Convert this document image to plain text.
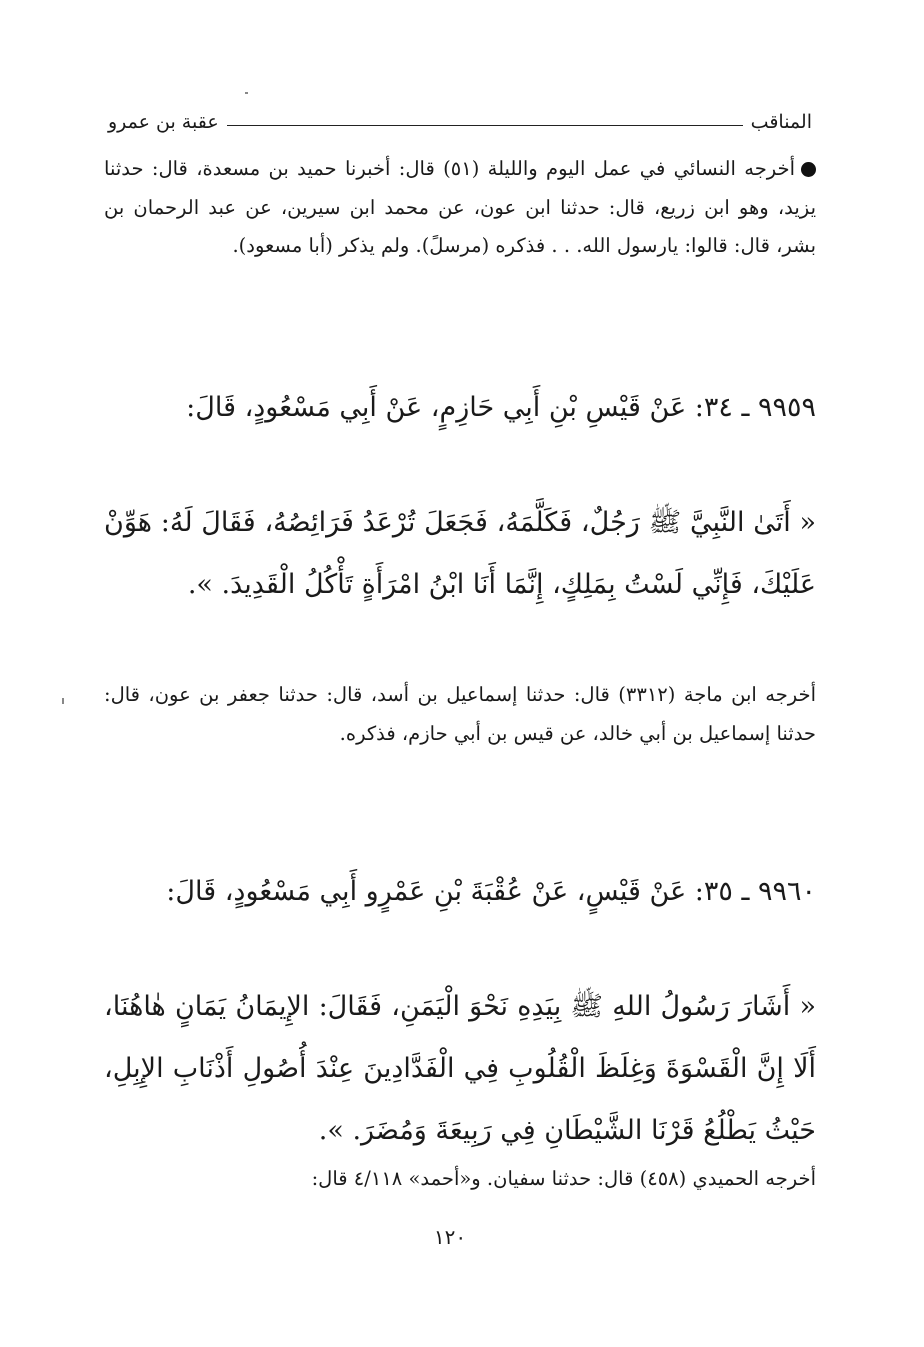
المناقب
عقبة بن عمرو
أخرجه النسائي في عمل اليوم والليلة (٥١) قال: أخبرنا حميد بن مسعدة، قال: حدثنا يزيد، وهو ابن زريع، قال: حدثنا ابن عون، عن محمد ابن سيرين، عن عبد الرحمان بن بشر، قال: قالوا: يارسول الله. . . فذكره (مرسلً). ولم يذكر (أبا مسعود).
٩٩٥٩ ـ ٣٤: عَنْ قَيْسِ بْنِ أَبِي حَازِمٍ، عَنْ أَبِي مَسْعُودٍ، قَالَ:
« أَتَىٰ النَّبِيَّ ﷺ رَجُلٌ، فَكَلَّمَهُ، فَجَعَلَ تُرْعَدُ فَرَائِصُهُ، فَقَالَ لَهُ: هَوِّنْ عَلَيْكَ، فَإِنِّي لَسْتُ بِمَلِكٍ، إِنَّمَا أَنَا ابْنُ امْرَأَةٍ تَأْكُلُ الْقَدِيدَ. ».
أخرجه ابن ماجة (٣٣١٢) قال: حدثنا إسماعيل بن أسد، قال: حدثنا جعفر بن عون، قال: حدثنا إسماعيل بن أبي خالد، عن قيس بن أبي حازم، فذكره.
٩٩٦٠ ـ ٣٥: عَنْ قَيْسٍ، عَنْ عُقْبَةَ بْنِ عَمْرٍو أَبِي مَسْعُودٍ، قَالَ:
« أَشَارَ رَسُولُ اللهِ ﷺ بِيَدِهِ نَحْوَ الْيَمَنِ، فَقَالَ: الإِيمَانُ يَمَانٍ هٰاهُنَا، أَلَا إِنَّ الْقَسْوَةَ وَغِلَظَ الْقُلُوبِ فِي الْفَدَّادِينَ عِنْدَ أُصُولِ أَذْنَابِ الإِبِلِ، حَيْثُ يَطْلُعُ قَرْنَا الشَّيْطَانِ فِي رَبِيعَةَ وَمُضَرَ. ».
أخرجه الحميدي (٤٥٨) قال: حدثنا سفيان. و«أحمد» ٤/١١٨ قال:
١٢٠
